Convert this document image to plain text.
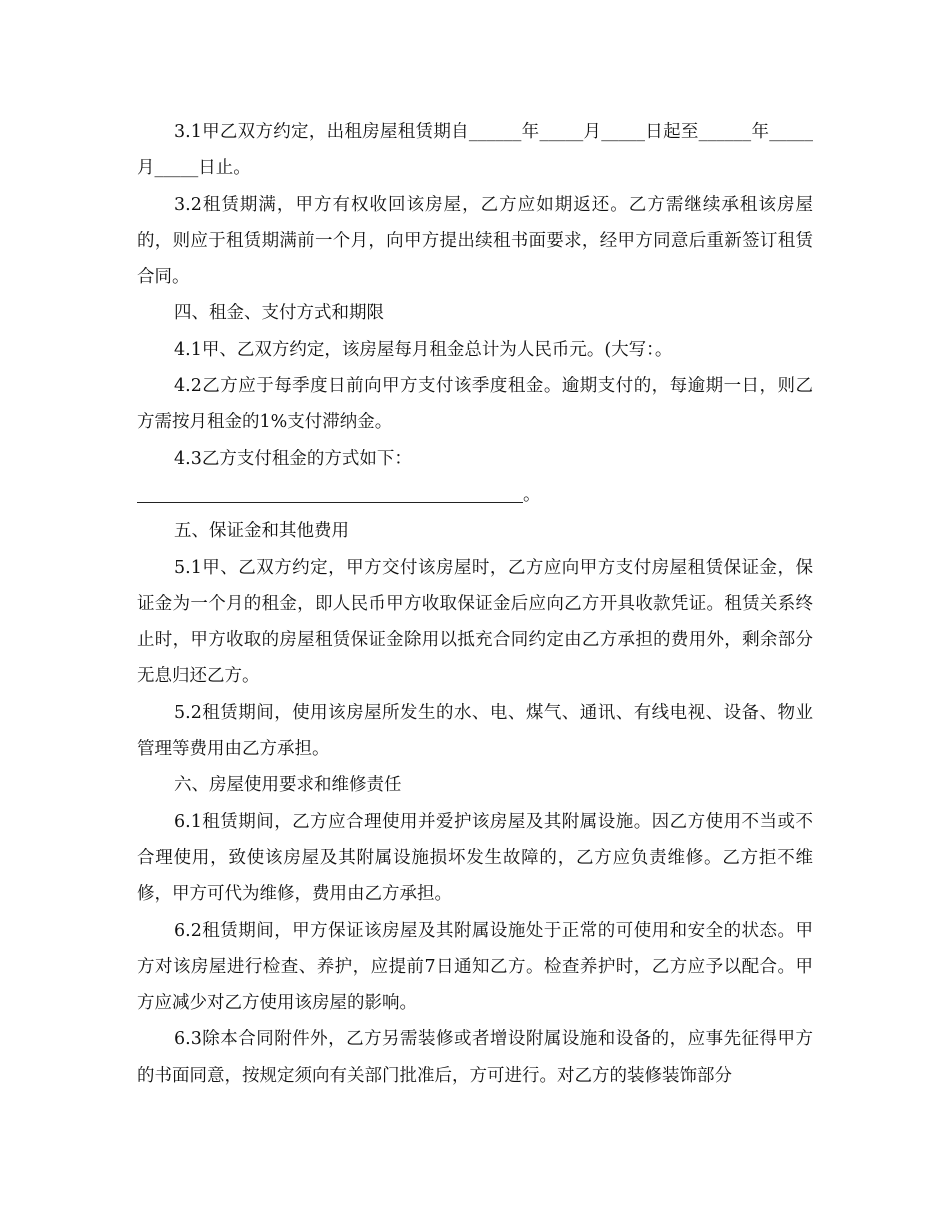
3.1甲乙双方约定，出租房屋租赁期自______年_____月_____日起至______年_____月_____日止。

3.2租赁期满，甲方有权收回该房屋，乙方应如期返还。乙方需继续承租该房屋的，则应于租赁期满前一个月，向甲方提出续租书面要求，经甲方同意后重新签订租赁合同。

四、租金、支付方式和期限

4.1甲、乙双方约定，该房屋每月租金总计为人民币元。(大写：。

4.2乙方应于每季度日前向甲方支付该季度租金。逾期支付的，每逾期一日，则乙方需按月租金的1%支付滞纳金。

4.3乙方支付租金的方式如下：

。

五、保证金和其他费用

5.1甲、乙双方约定，甲方交付该房屋时，乙方应向甲方支付房屋租赁保证金，保证金为一个月的租金，即人民币甲方收取保证金后应向乙方开具收款凭证。租赁关系终止时，甲方收取的房屋租赁保证金除用以抵充合同约定由乙方承担的费用外，剩余部分无息归还乙方。

5.2租赁期间，使用该房屋所发生的水、电、煤气、通讯、有线电视、设备、物业管理等费用由乙方承担。

六、房屋使用要求和维修责任

6.1租赁期间，乙方应合理使用并爱护该房屋及其附属设施。因乙方使用不当或不合理使用，致使该房屋及其附属设施损坏发生故障的，乙方应负责维修。乙方拒不维修，甲方可代为维修，费用由乙方承担。

6.2租赁期间，甲方保证该房屋及其附属设施处于正常的可使用和安全的状态。甲方对该房屋进行检查、养护，应提前7日通知乙方。检查养护时，乙方应予以配合。甲方应减少对乙方使用该房屋的影响。

6.3除本合同附件外，乙方另需装修或者增设附属设施和设备的，应事先征得甲方的书面同意，按规定须向有关部门批准后，方可进行。对乙方的装修装饰部分
